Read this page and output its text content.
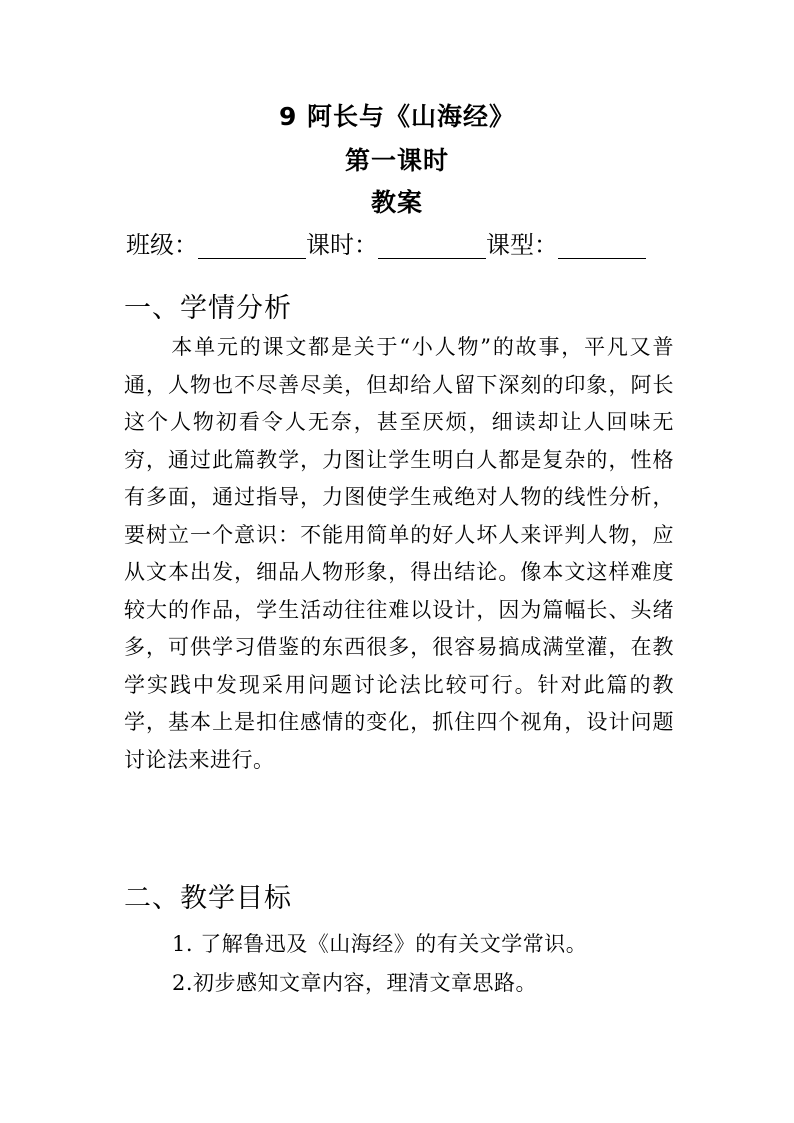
9 阿长与《山海经》
第一课时
教案
班级：	课时：	课型：
一、学情分析
本单元的课文都是关于“小人物”的故事，平凡又普通，人物也不尽善尽美，但却给人留下深刻的印象，阿长这个人物初看令人无奈，甚至厌烦，细读却让人回味无穷，通过此篇教学，力图让学生明白人都是复杂的，性格有多面，通过指导，力图使学生戒绝对人物的线性分析，要树立一个意识：不能用简单的好人坏人来评判人物，应从文本出发，细品人物形象，得出结论。像本文这样难度较大的作品，学生活动往往难以设计，因为篇幅长、头绪多，可供学习借鉴的东西很多，很容易搞成满堂灌，在教学实践中发现采用问题讨论法比较可行。针对此篇的教学，基本上是扣住感情的变化，抓住四个视角，设计问题讨论法来进行。
二、教学目标
1. 了解鲁迅及《山海经》的有关文学常识。
2.初步感知文章内容，理清文章思路。
